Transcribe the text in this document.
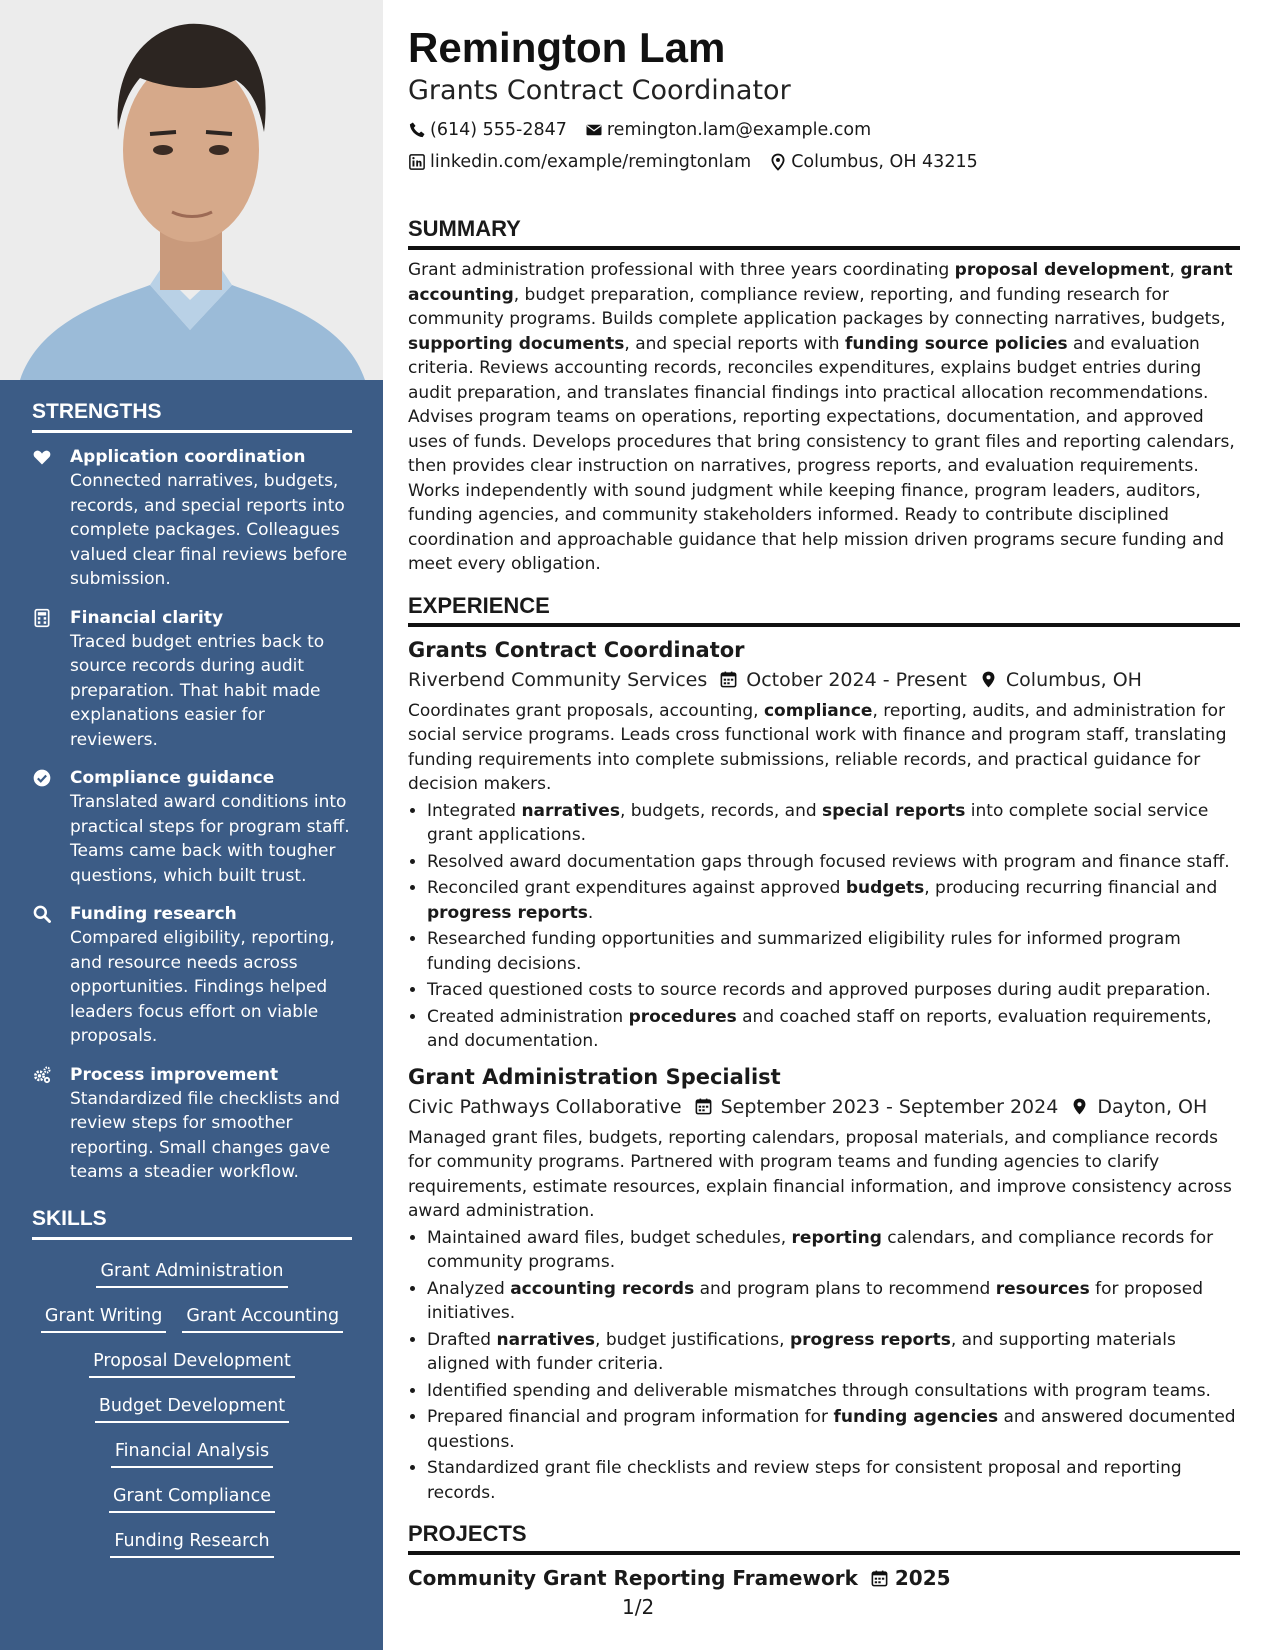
STRENGTHS
Application coordination
Connected narratives, budgets, records, and special reports into complete packages. Colleagues valued clear final reviews before submission.
Financial clarity
Traced budget entries back to source records during audit preparation. That habit made explanations easier for reviewers.
Compliance guidance
Translated award conditions into practical steps for program staff. Teams came back with tougher questions, which built trust.
Funding research
Compared eligibility, reporting, and resource needs across opportunities. Findings helped leaders focus effort on viable proposals.
Process improvement
Standardized file checklists and review steps for smoother reporting. Small changes gave teams a steadier workflow.
SKILLS
Grant Administration
Grant Writing Grant Accounting
Proposal Development
Budget Development
Financial Analysis
Grant Compliance
Funding Research
Remington Lam
Grants Contract Coordinator
(614) 555-2847 remington.lam@example.com
linkedin.com/example/remingtonlam Columbus, OH 43215
SUMMARY
Grant administration professional with three years coordinating proposal development, grant accounting, budget preparation, compliance review, reporting, and funding research for community programs. Builds complete application packages by connecting narratives, budgets, supporting documents, and special reports with funding source policies and evaluation criteria. Reviews accounting records, reconciles expenditures, explains budget entries during audit preparation, and translates financial findings into practical allocation recommendations. Advises program teams on operations, reporting expectations, documentation, and approved uses of funds. Develops procedures that bring consistency to grant files and reporting calendars, then provides clear instruction on narratives, progress reports, and evaluation requirements. Works independently with sound judgment while keeping finance, program leaders, auditors, funding agencies, and community stakeholders informed. Ready to contribute disciplined coordination and approachable guidance that help mission driven programs secure funding and meet every obligation.
EXPERIENCE
Grants Contract Coordinator
Riverbend Community Services October 2024 - Present Columbus, OH
Coordinates grant proposals, accounting, compliance, reporting, audits, and administration for social service programs. Leads cross functional work with finance and program staff, translating funding requirements into complete submissions, reliable records, and practical guidance for decision makers.
• Integrated narratives, budgets, records, and special reports into complete social service grant applications.
• Resolved award documentation gaps through focused reviews with program and finance staff.
• Reconciled grant expenditures against approved budgets, producing recurring financial and progress reports.
• Researched funding opportunities and summarized eligibility rules for informed program funding decisions.
• Traced questioned costs to source records and approved purposes during audit preparation.
• Created administration procedures and coached staff on reports, evaluation requirements, and documentation.
Grant Administration Specialist
Civic Pathways Collaborative September 2023 - September 2024 Dayton, OH
Managed grant files, budgets, reporting calendars, proposal materials, and compliance records for community programs. Partnered with program teams and funding agencies to clarify requirements, estimate resources, explain financial information, and improve consistency across award administration.
• Maintained award files, budget schedules, reporting calendars, and compliance records for community programs.
• Analyzed accounting records and program plans to recommend resources for proposed initiatives.
• Drafted narratives, budget justifications, progress reports, and supporting materials aligned with funder criteria.
• Identified spending and deliverable mismatches through consultations with program teams.
• Prepared financial and program information for funding agencies and answered documented questions.
• Standardized grant file checklists and review steps for consistent proposal and reporting records.
PROJECTS
Community Grant Reporting Framework 2025
1/2
